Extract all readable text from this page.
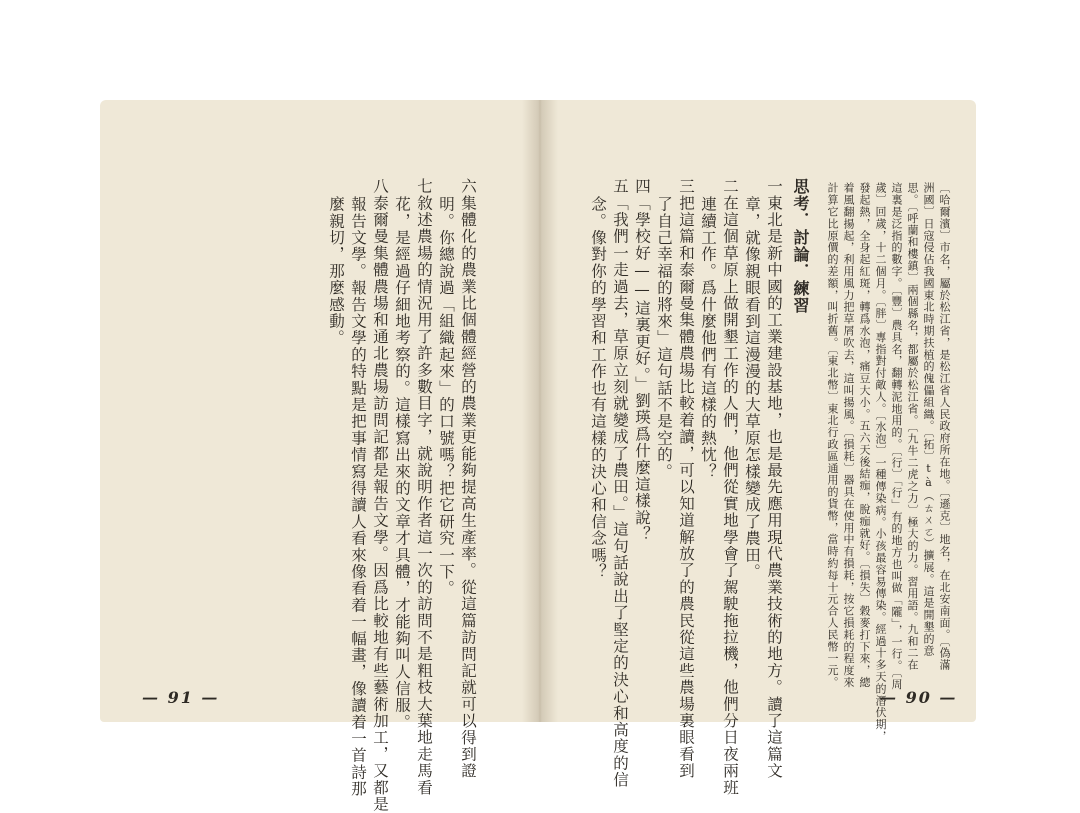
六集體化的農業比個體經營的農業更能夠提高生產率。從這篇訪問記就可以得到證
明。你總說過「組織起來」的口號嗎？把它研究一下。
七敘述農場的情況用了許多數目字，就說明作者這一次的訪問不是粗枝大葉地走馬看
花，是經過仔細地考察的。這樣寫出來的文章才具體，才能夠叫人信服。
八泰爾曼集體農場和通北農場訪問記都是報告文學。因爲比較地有些藝術加工，又都是
報告文學。報告文學的特點是把事情寫得讀人看來像看着一幅畫，像讀着一首詩那
麼親切，那麼感動。
— 91 —
〔哈爾濱〕市名，屬於松江省，是松江省人民政府所在地。〔遜克〕地名，在北安南面。〔偽滿
洲國〕日寇侵佔我國東北時期扶植的傀儡組織。〔拓〕tà（ㄊㄨㄛ）擴展。這是開墾的意
思。〔呼蘭和樓鎮〕兩個縣名，都屬於松江省。〔九牛二虎之力〕極大的力。習用語。九和二在
這裏是泛指的數字。〔豐〕農具名，翻轉泥地用的。〔行〕「行」有的地方也叫做「隴」，一行。〔周
歲〕回歲，十二個月。〔胖〕專指對付敵人。〔水泡〕一種傳染病。小孩最容易傳染。經過十多天的潛伏期，
發起熱，全身起紅斑，轉爲水泡，痛豆大小。五六天後結痂，脫痂就好。〔損失〕穀麥打下來，總
着風翻揚起，利用風力把草屑吹去，這叫揚風。〔損耗〕器具在使用中有損耗，按它損耗的程度來
計算它比原價的差額，叫折舊。〔東北幣〕東北行政區通用的貨幣，當時約每十元合人民幣一元。
思考．討論．練習
一東北是新中國的工業建設基地，也是最先應用現代農業技術的地方。讀了這篇文
章，就像親眼看到這漫漫的大草原怎樣變成了農田。
二在這個草原上做開墾工作的人們，他們從實地學會了駕駛拖拉機，他們分日夜兩班
連續工作。爲什麼他們有這樣的熱忱？
三把這篇和泰爾曼集體農場比較着讀，可以知道解放了的農民從這些農場裏眼看到
了自己幸福的將來」這句話不是空的。
四「學校好——這裏更好。」劉瑛爲什麼這樣說？
五「我們一走過去，草原立刻就變成了農田。」這句話說出了堅定的決心和高度的信
念。像對你的學習和工作也有這樣的決心和信念嗎？
— 90 —
